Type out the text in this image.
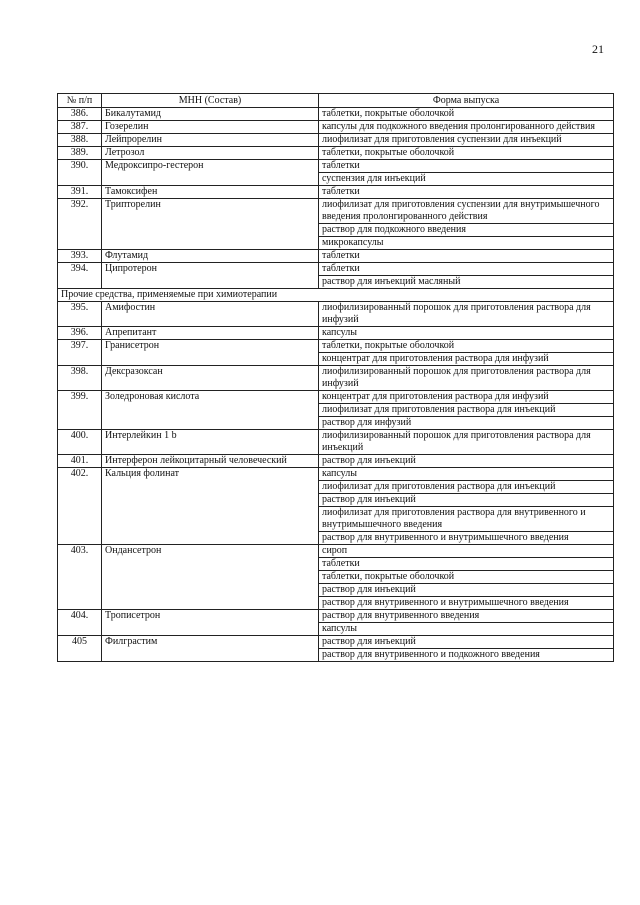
21
№ п/п	МНН (Состав)	Форма выпуска
386.	Бикалутамид	таблетки, покрытые оболочкой
387.	Гозерелин	капсулы для подкожного введения пролонгированного действия
388.	Лейпрорелин	лиофилизат для приготовления суспензии для инъекций
389.	Летрозол	таблетки, покрытые оболочкой
390.	Медроксипро-гестерон	таблетки
		суспензия для инъекций
391.	Тамоксифен	таблетки
392.	Трипторелин	лиофилизат для приготовления суспензии для внутримышечного введения пролонгированного действия
		раствор для подкожного введения
		микрокапсулы
393.	Флутамид	таблетки
394.	Ципротерон	таблетки
		раствор для инъекций масляный
Прочие средства, применяемые при химиотерапии		
395.	Амифостин	лиофилизированный порошок для приготовления раствора для инфузий
396.	Апрепитант	капсулы
397.	Гранисетрон	таблетки, покрытые оболочкой
		концентрат для приготовления раствора для инфузий
398.	Дексразоксан	лиофилизированный порошок для приготовления раствора для инфузий
399.	Золедроновая кислота	концентрат для приготовления раствора для инфузий
		лиофилизат для приготовления раствора для инъекций
		раствор для инфузий
400.	Интерлейкин 1 b	лиофилизированный порошок для приготовления раствора для инъекций
401.	Интерферон лейкоцитарный человеческий	раствор для инъекций
402.	Кальция фолинат	капсулы
		лиофилизат для приготовления раствора для инъекций
		раствор для инъекций
		лиофилизат для приготовления раствора для внутривенного и внутримышечного введения
		раствор для внутривенного и внутримышечного введения
403.	Ондансетрон	сироп
		таблетки
		таблетки, покрытые оболочкой
		раствор для инъекций
		раствор для внутривенного и внутримышечного введения
404.	Трописетрон	раствор для внутривенного введения
		капсулы
405	Филграстим	раствор для инъекций
		раствор для внутривенного и подкожного введения
